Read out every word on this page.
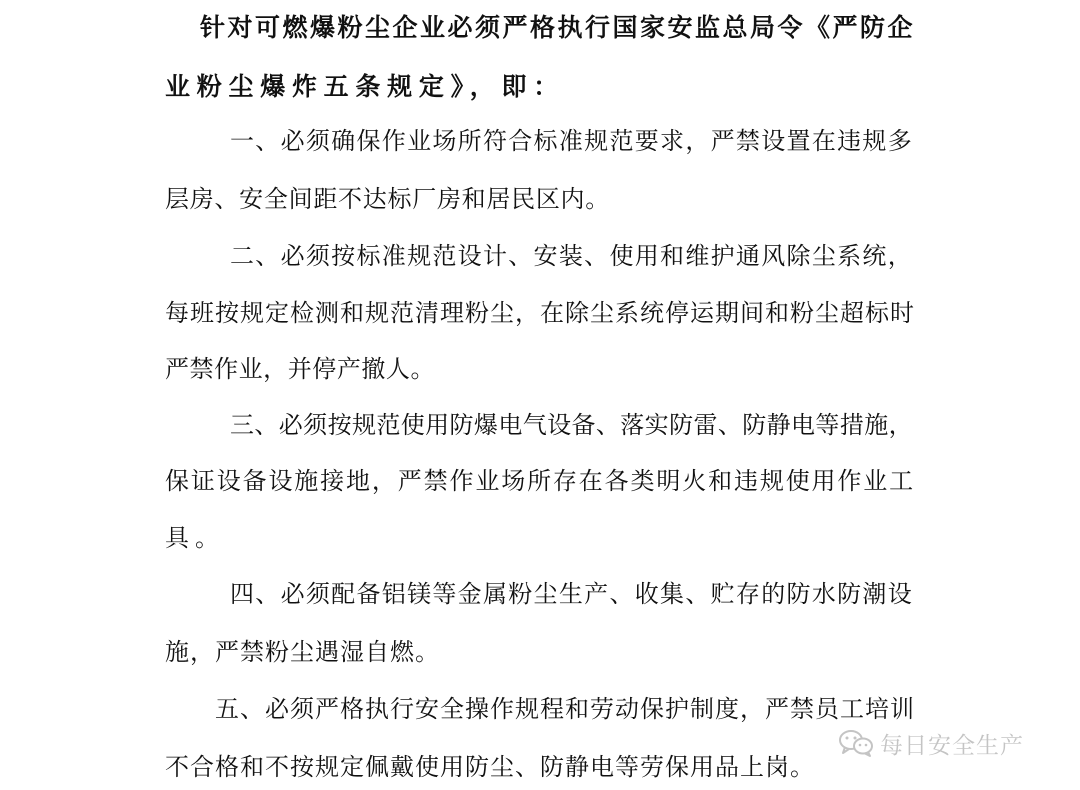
针对可燃爆粉尘企业必须严格执行国家安监总局令《严防企
业粉尘爆炸五条规定》，即：
一、必须确保作业场所符合标准规范要求，严禁设置在违规多
层房、安全间距不达标厂房和居民区内。
二、必须按标准规范设计、安装、使用和维护通风除尘系统，
每班按规定检测和规范清理粉尘，在除尘系统停运期间和粉尘超标时
严禁作业，并停产撤人。
三、必须按规范使用防爆电气设备、落实防雷、防静电等措施，
保证设备设施接地，严禁作业场所存在各类明火和违规使用作业工
具。
四、必须配备铝镁等金属粉尘生产、收集、贮存的防水防潮设
施，严禁粉尘遇湿自燃。
五、必须严格执行安全操作规程和劳动保护制度，严禁员工培训
不合格和不按规定佩戴使用防尘、防静电等劳保用品上岗。
每日安全生产
